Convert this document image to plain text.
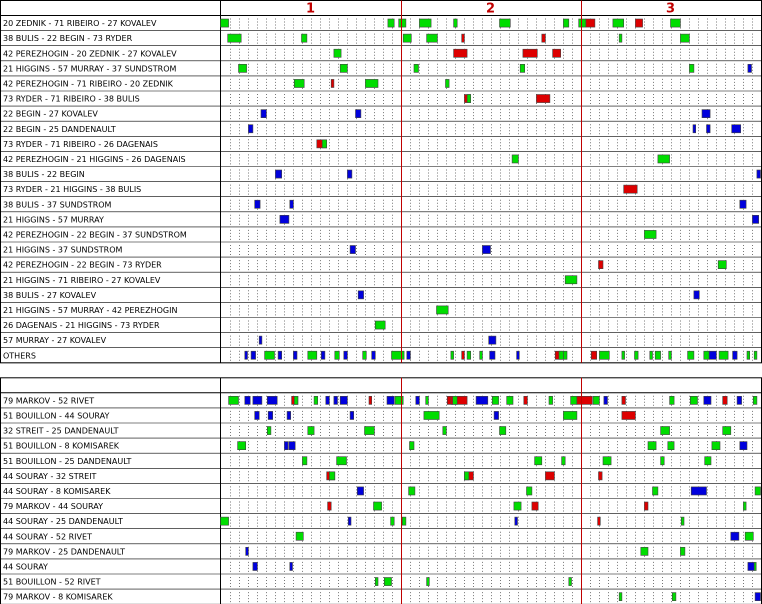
20 ZEDNIK - 71 RIBEIRO - 27 KOVALEV
38 BULIS - 22 BEGIN - 73 RYDER
42 PEREZHOGIN - 20 ZEDNIK - 27 KOVALEV
21 HIGGINS - 57 MURRAY - 37 SUNDSTROM
42 PEREZHOGIN - 71 RIBEIRO - 20 ZEDNIK
73 RYDER - 71 RIBEIRO - 38 BULIS
22 BEGIN - 27 KOVALEV
22 BEGIN - 25 DANDENAULT
73 RYDER - 71 RIBEIRO - 26 DAGENAIS
42 PEREZHOGIN - 21 HIGGINS - 26 DAGENAIS
38 BULIS - 22 BEGIN
73 RYDER - 21 HIGGINS - 38 BULIS
38 BULIS - 37 SUNDSTROM
21 HIGGINS - 57 MURRAY
42 PEREZHOGIN - 22 BEGIN - 37 SUNDSTROM
21 HIGGINS - 37 SUNDSTROM
42 PEREZHOGIN - 22 BEGIN - 73 RYDER
21 HIGGINS - 71 RIBEIRO - 27 KOVALEV
38 BULIS - 27 KOVALEV
21 HIGGINS - 57 MURRAY - 42 PEREZHOGIN
26 DAGENAIS - 21 HIGGINS - 73 RYDER
57 MURRAY - 27 KOVALEV
OTHERS
79 MARKOV - 52 RIVET
51 BOUILLON - 44 SOURAY
32 STREIT - 25 DANDENAULT
51 BOUILLON - 8 KOMISAREK
51 BOUILLON - 25 DANDENAULT
44 SOURAY - 32 STREIT
44 SOURAY - 8 KOMISAREK
79 MARKOV - 44 SOURAY
44 SOURAY - 25 DANDENAULT
44 SOURAY - 52 RIVET
79 MARKOV - 25 DANDENAULT
44 SOURAY
51 BOUILLON - 52 RIVET
79 MARKOV - 8 KOMISAREK
1	2	3
